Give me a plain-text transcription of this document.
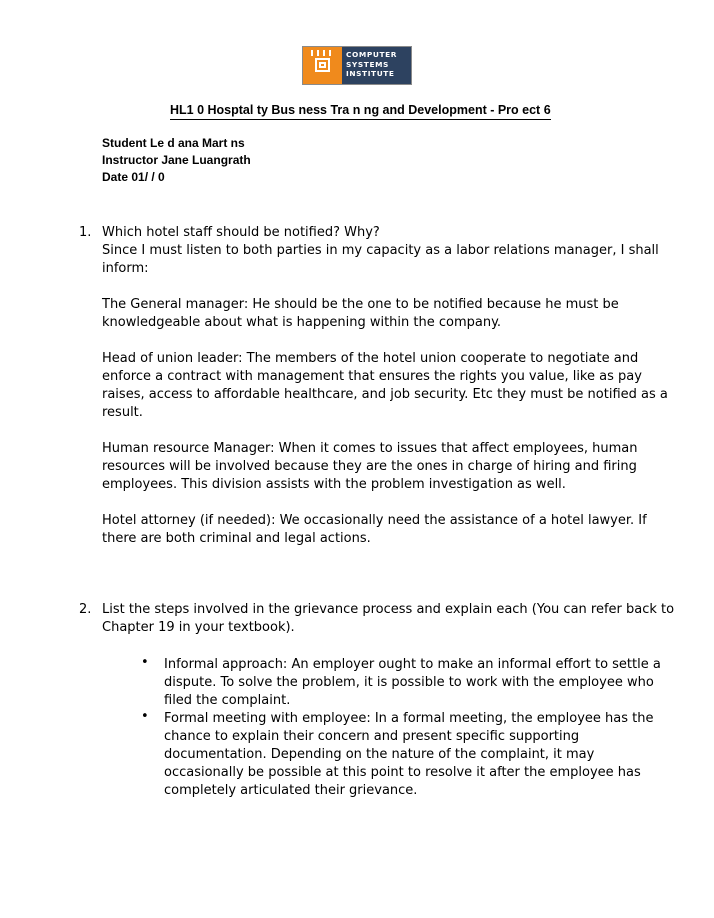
COMPUTER
SYSTEMS
INSTITUTE
HL1 0 Hosptal ty Bus ness Tra n ng and Development - Pro ect 6
Student Le d ana Mart ns
Instructor Jane Luangrath
Date 01/ / 0
1. Which hotel staff should be notified? Why?
Since I must listen to both parties in my capacity as a labor relations manager, I shall inform:
The General manager: He should be the one to be notified because he must be knowledgeable about what is happening within the company.
Head of union leader: The members of the hotel union cooperate to negotiate and enforce a contract with management that ensures the rights you value, like as pay raises, access to affordable healthcare, and job security. Etc they must be notified as a result.
Human resource Manager: When it comes to issues that affect employees, human resources will be involved because they are the ones in charge of hiring and firing employees. This division assists with the problem investigation as well.
Hotel attorney (if needed): We occasionally need the assistance of a hotel lawyer. If there are both criminal and legal actions.
2. List the steps involved in the grievance process and explain each (You can refer back to Chapter 19 in your textbook).
• Informal approach: An employer ought to make an informal effort to settle a dispute. To solve the problem, it is possible to work with the employee who filed the complaint.
• Formal meeting with employee: In a formal meeting, the employee has the chance to explain their concern and present specific supporting documentation. Depending on the nature of the complaint, it may occasionally be possible at this point to resolve it after the employee has completely articulated their grievance.
